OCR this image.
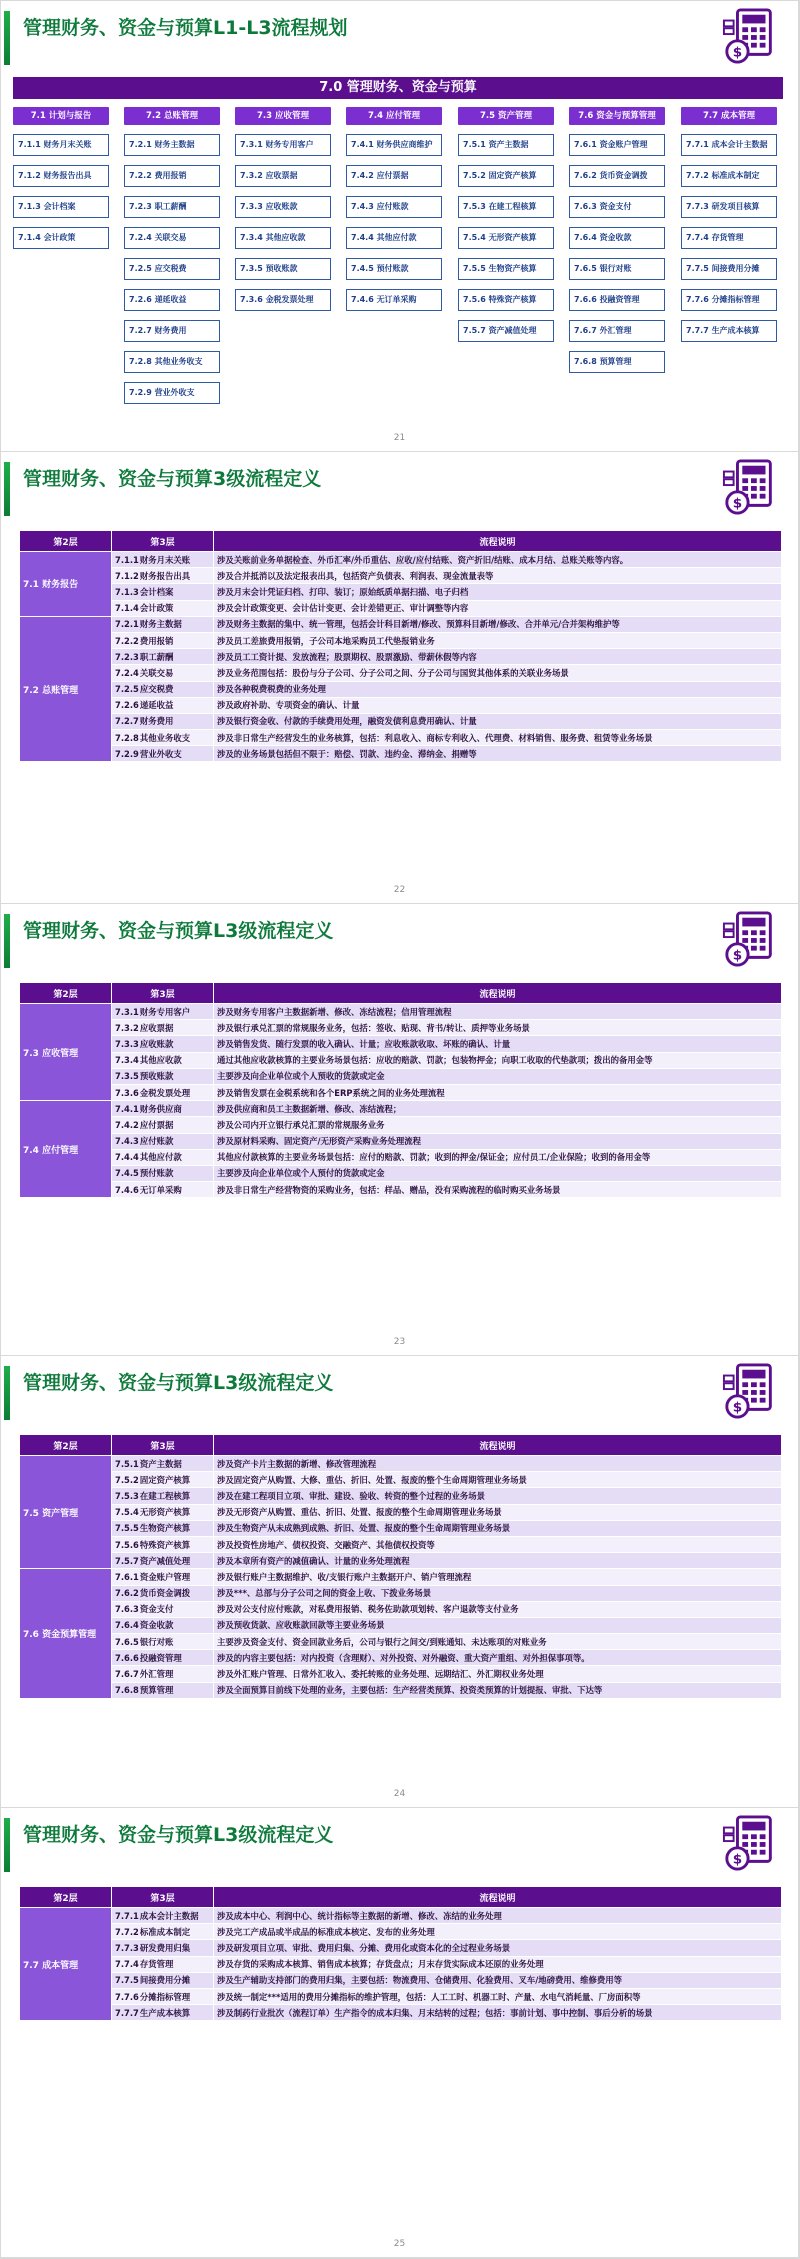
管理财务、资金与预算L1-L3流程规划
7.0 管理财务、资金与预算
7.1 计划与报告
7.1.1 财务月末关账
7.1.2 财务报告出具
7.1.3 会计档案
7.1.4 会计政策
7.2 总账管理
7.2.1 财务主数据
7.2.2 费用报销
7.2.3 职工薪酬
7.2.4 关联交易
7.2.5 应交税费
7.2.6 递延收益
7.2.7 财务费用
7.2.8 其他业务收支
7.2.9 营业外收支
7.3 应收管理
7.3.1 财务专用客户
7.3.2 应收票据
7.3.3 应收账款
7.3.4 其他应收款
7.3.5 预收账款
7.3.6 金税发票处理
7.4 应付管理
7.4.1 财务供应商维护
7.4.2 应付票据
7.4.3 应付账款
7.4.4 其他应付款
7.4.5 预付账款
7.4.6 无订单采购
7.5 资产管理
7.5.1 资产主数据
7.5.2 固定资产核算
7.5.3 在建工程核算
7.5.4 无形资产核算
7.5.5 生物资产核算
7.5.6 特殊资产核算
7.5.7 资产减值处理
7.6 资金与预算管理
7.6.1 资金账户管理
7.6.2 货币资金调拨
7.6.3 资金支付
7.6.4 资金收款
7.6.5 银行对账
7.6.6 投融资管理
7.6.7 外汇管理
7.6.8 预算管理
7.7 成本管理
7.7.1 成本会计主数据
7.7.2 标准成本制定
7.7.3 研发项目核算
7.7.4 存货管理
7.7.5 间接费用分摊
7.7.6 分摊指标管理
7.7.7 生产成本核算
21
管理财务、资金与预算3级流程定义
第2层	第3层	流程说明
7.1 财务报告	7.1.1 财务月末关账	涉及关账前业务单据检查、外币汇率/外币重估、应收/应付结账、资产折旧/结账、成本月结、总账关账等内容。
	7.1.2 财务报告出具	涉及合并抵消以及法定报表出具，包括资产负债表、利润表、现金流量表等
	7.1.3 会计档案	涉及月末会计凭证归档、打印、装订；原始纸质单据扫描、电子归档
	7.1.4 会计政策	涉及会计政策变更、会计估计变更、会计差错更正、审计调整等内容
7.2 总账管理	7.2.1 财务主数据	涉及财务主数据的集中、统一管理，包括会计科目新增/修改、预算科目新增/修改、合并单元/合并架构维护等
	7.2.2 费用报销	涉及员工差旅费用报销，子公司本地采购员工代垫报销业务
	7.2.3 职工薪酬	涉及员工工资计提、发放流程；股票期权、股票激励、带薪休假等内容
	7.2.4 关联交易	涉及业务范围包括：股份与分子公司、分子公司之间、分子公司与国贸其他体系的关联业务场景
	7.2.5 应交税费	涉及各种税费税费的业务处理
	7.2.6 递延收益	涉及政府补助、专项资金的确认、计量
	7.2.7 财务费用	涉及银行资金收、付款的手续费用处理，融资发债利息费用确认、计量
	7.2.8 其他业务收支	涉及非日常生产经营发生的业务核算，包括：利息收入、商标专利收入、代理费、材料销售、服务费、租赁等业务场景
	7.2.9 营业外收支	涉及的业务场景包括但不限于：赔偿、罚款、违约金、滞纳金、捐赠等
22
管理财务、资金与预算L3级流程定义
第2层	第3层	流程说明
7.3 应收管理	7.3.1 财务专用客户	涉及财务专用客户主数据新增、修改、冻结流程；信用管理流程
	7.3.2 应收票据	涉及银行承兑汇票的常规服务业务，包括：签收、贴现、背书/转让、质押等业务场景
	7.3.3 应收账款	涉及销售发货、随行发票的收入确认、计量；应收账款收取、坏账的确认、计量
	7.3.4 其他应收款	通过其他应收款核算的主要业务场景包括：应收的赔款、罚款；包装物押金；向职工收取的代垫款项；拨出的备用金等
	7.3.5 预收账款	主要涉及向企业单位或个人预收的货款或定金
	7.3.6 金税发票处理	涉及销售发票在金税系统和各个ERP系统之间的业务处理流程
7.4 应付管理	7.4.1 财务供应商	涉及供应商和员工主数据新增、修改、冻结流程；
	7.4.2 应付票据	涉及公司内开立银行承兑汇票的常规服务业务
	7.4.3 应付账款	涉及原材料采购、固定资产/无形资产采购业务处理流程
	7.4.4 其他应付款	其他应付款核算的主要业务场景包括：应付的赔款、罚款；收到的押金/保证金；应付员工/企业保险；收到的备用金等
	7.4.5 预付账款	主要涉及向企业单位或个人预付的货款或定金
	7.4.6 无订单采购	涉及非日常生产经营物资的采购业务，包括：样品、赠品，没有采购流程的临时购买业务场景
23
管理财务、资金与预算L3级流程定义
第2层	第3层	流程说明
7.5 资产管理	7.5.1 资产主数据	涉及资产卡片主数据的新增、修改管理流程
	7.5.2 固定资产核算	涉及固定资产从购置、大修、重估、折旧、处置、报废的整个生命周期管理业务场景
	7.5.3 在建工程核算	涉及在建工程项目立项、审批、建设、验收、转资的整个过程的业务场景
	7.5.4 无形资产核算	涉及无形资产从购置、重估、折旧、处置、报废的整个生命周期管理业务场景
	7.5.5 生物资产核算	涉及生物资产从未成熟到成熟、折旧、处置、报废的整个生命周期管理业务场景
	7.5.6 特殊资产核算	涉及投资性房地产、债权投资、交融资产、其他债权投资等
	7.5.7 资产减值处理	涉及本章所有资产的减值确认、计量的业务处理流程
7.6 资金预算管理	7.6.1 资金账户管理	涉及银行账户主数据维护、收/支银行账户主数据开户、销户管理流程
	7.6.2 货币资金调拨	涉及***、总部与分子公司之间的资金上收、下拨业务场景
	7.6.3 资金支付	涉及对公支付应付账款，对私费用报销、税务佐助款项划转、客户退款等支付业务
	7.6.4 资金收款	涉及预收货款、应收账款回款等主要业务场景
	7.6.5 银行对账	主要涉及资金支付、资金回款业务后，公司与银行之间交/到账通知、未达账项的对账业务
	7.6.6 投融资管理	涉及的内容主要包括：对内投资（含理财）、对外投资、对外融资、重大资产重组、对外担保事项等。
	7.6.7 外汇管理	涉及外汇账户管理、日常外汇收入、委托转账的业务处理、远期结汇、外汇期权业务处理
	7.6.8 预算管理	涉及全面预算目前线下处理的业务，主要包括：生产经营类预算、投资类预算的计划提报、审批、下达等
24
管理财务、资金与预算L3级流程定义
第2层	第3层	流程说明
7.7 成本管理	7.7.1 成本会计主数据	涉及成本中心、利润中心、统计指标等主数据的新增、修改、冻结的业务处理
	7.7.2 标准成本制定	涉及完工产成品或半成品的标准成本核定、发布的业务处理
	7.7.3 研发费用归集	涉及研发项目立项、审批、费用归集、分摊、费用化或资本化的全过程业务场景
	7.7.4 存货管理	涉及存货的采购成本核算、销售成本核算；存货盘点；月末存货实际成本还原的业务处理
	7.7.5 间接费用分摊	涉及生产辅助支持部门的费用归集，主要包括：物流费用、仓储费用、化验费用、叉车/地磅费用、维修费用等
	7.7.6 分摊指标管理	涉及统一制定***适用的费用分摊指标的维护管理，包括：人工工时、机器工时、产量、水电气消耗量、厂房面积等
	7.7.7 生产成本核算	涉及制药行业批次（流程订单）生产指令的成本归集、月末结转的过程；包括：事前计划、事中控制、事后分析的场景
25
